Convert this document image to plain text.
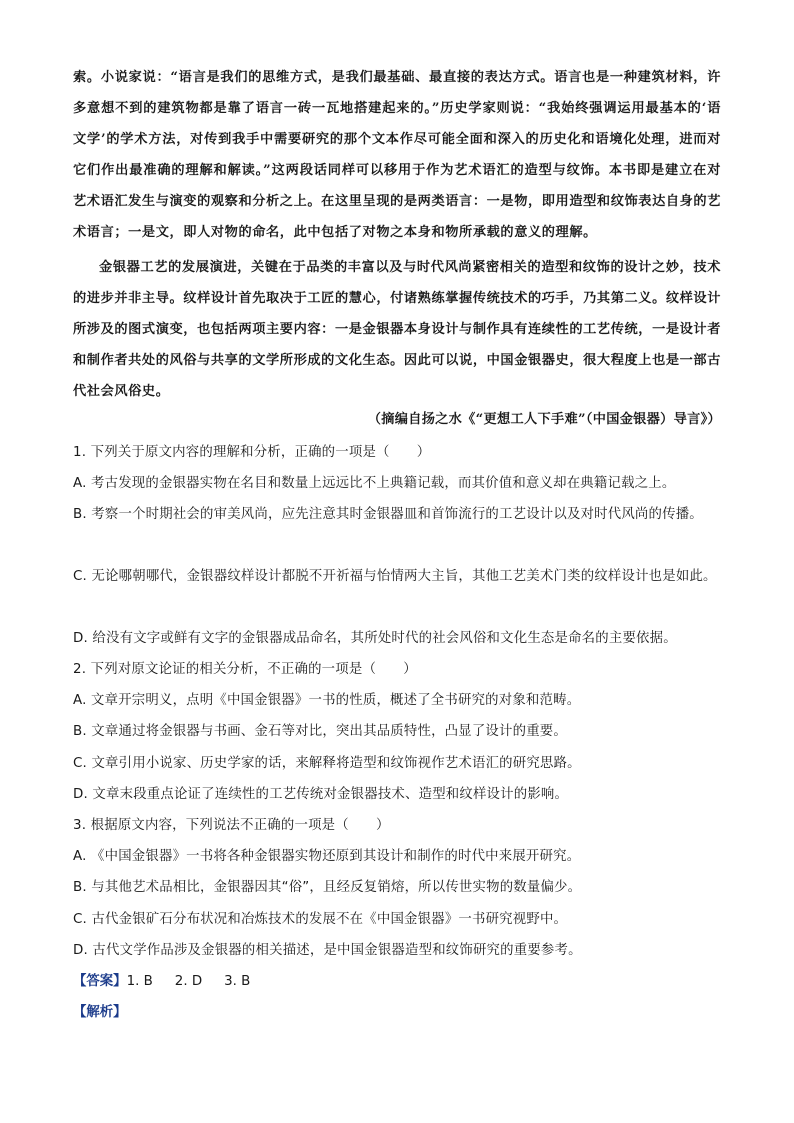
索。小说家说：“语言是我们的思维方式，是我们最基础、最直接的表达方式。语言也是一种建筑材料，许多意想不到的建筑物都是靠了语言一砖一瓦地搭建起来的。”历史学家则说：“我始终强调运用最基本的‘语文学’的学术方法，对传到我手中需要研究的那个文本作尽可能全面和深入的历史化和语境化处理，进而对它们作出最准确的理解和解读。”这两段话同样可以移用于作为艺术语汇的造型与纹饰。本书即是建立在对艺术语汇发生与演变的观察和分析之上。在这里呈现的是两类语言：一是物，即用造型和纹饰表达自身的艺术语言；一是文，即人对物的命名，此中包括了对物之本身和物所承载的意义的理解。

金银器工艺的发展演进，关键在于品类的丰富以及与时代风尚紧密相关的造型和纹饰的设计之妙，技术的进步并非主导。纹样设计首先取决于工匠的慧心，付诸熟练掌握传统技术的巧手，乃其第二义。纹样设计所涉及的图式演变，也包括两项主要内容：一是金银器本身设计与制作具有连续性的工艺传统，一是设计者和制作者共处的风俗与共享的文学所形成的文化生态。因此可以说，中国金银器史，很大程度上也是一部古代社会风俗史。

（摘编自扬之水《“更想工人下手难”（中国金银器）导言》）

1. 下列关于原文内容的理解和分析，正确的一项是（　　）

A. 考古发现的金银器实物在名目和数量上远远比不上典籍记载，而其价值和意义却在典籍记载之上。

B. 考察一个时期社会的审美风尚，应先注意其时金银器皿和首饰流行的工艺设计以及对时代风尚的传播。

C. 无论哪朝哪代，金银器纹样设计都脱不开祈福与怡情两大主旨，其他工艺美术门类的纹样设计也是如此。

D. 给没有文字或鲜有文字的金银器成品命名，其所处时代的社会风俗和文化生态是命名的主要依据。

2. 下列对原文论证的相关分析，不正确的一项是（　　）

A. 文章开宗明义，点明《中国金银器》一书的性质，概述了全书研究的对象和范畴。

B. 文章通过将金银器与书画、金石等对比，突出其品质特性，凸显了设计的重要。

C. 文章引用小说家、历史学家的话，来解释将造型和纹饰视作艺术语汇的研究思路。

D. 文章末段重点论证了连续性的工艺传统对金银器技术、造型和纹样设计的影响。

3. 根据原文内容，下列说法不正确的一项是（　　）

A. 《中国金银器》一书将各种金银器实物还原到其设计和制作的时代中来展开研究。

B. 与其他艺术品相比，金银器因其“俗”，且经反复销熔，所以传世实物的数量偏少。

C. 古代金银矿石分布状况和冶炼技术的发展不在《中国金银器》一书研究视野中。

D. 古代文学作品涉及金银器的相关描述，是中国金银器造型和纹饰研究的重要参考。

【答案】1. B 2. D 3. B
【解析】
